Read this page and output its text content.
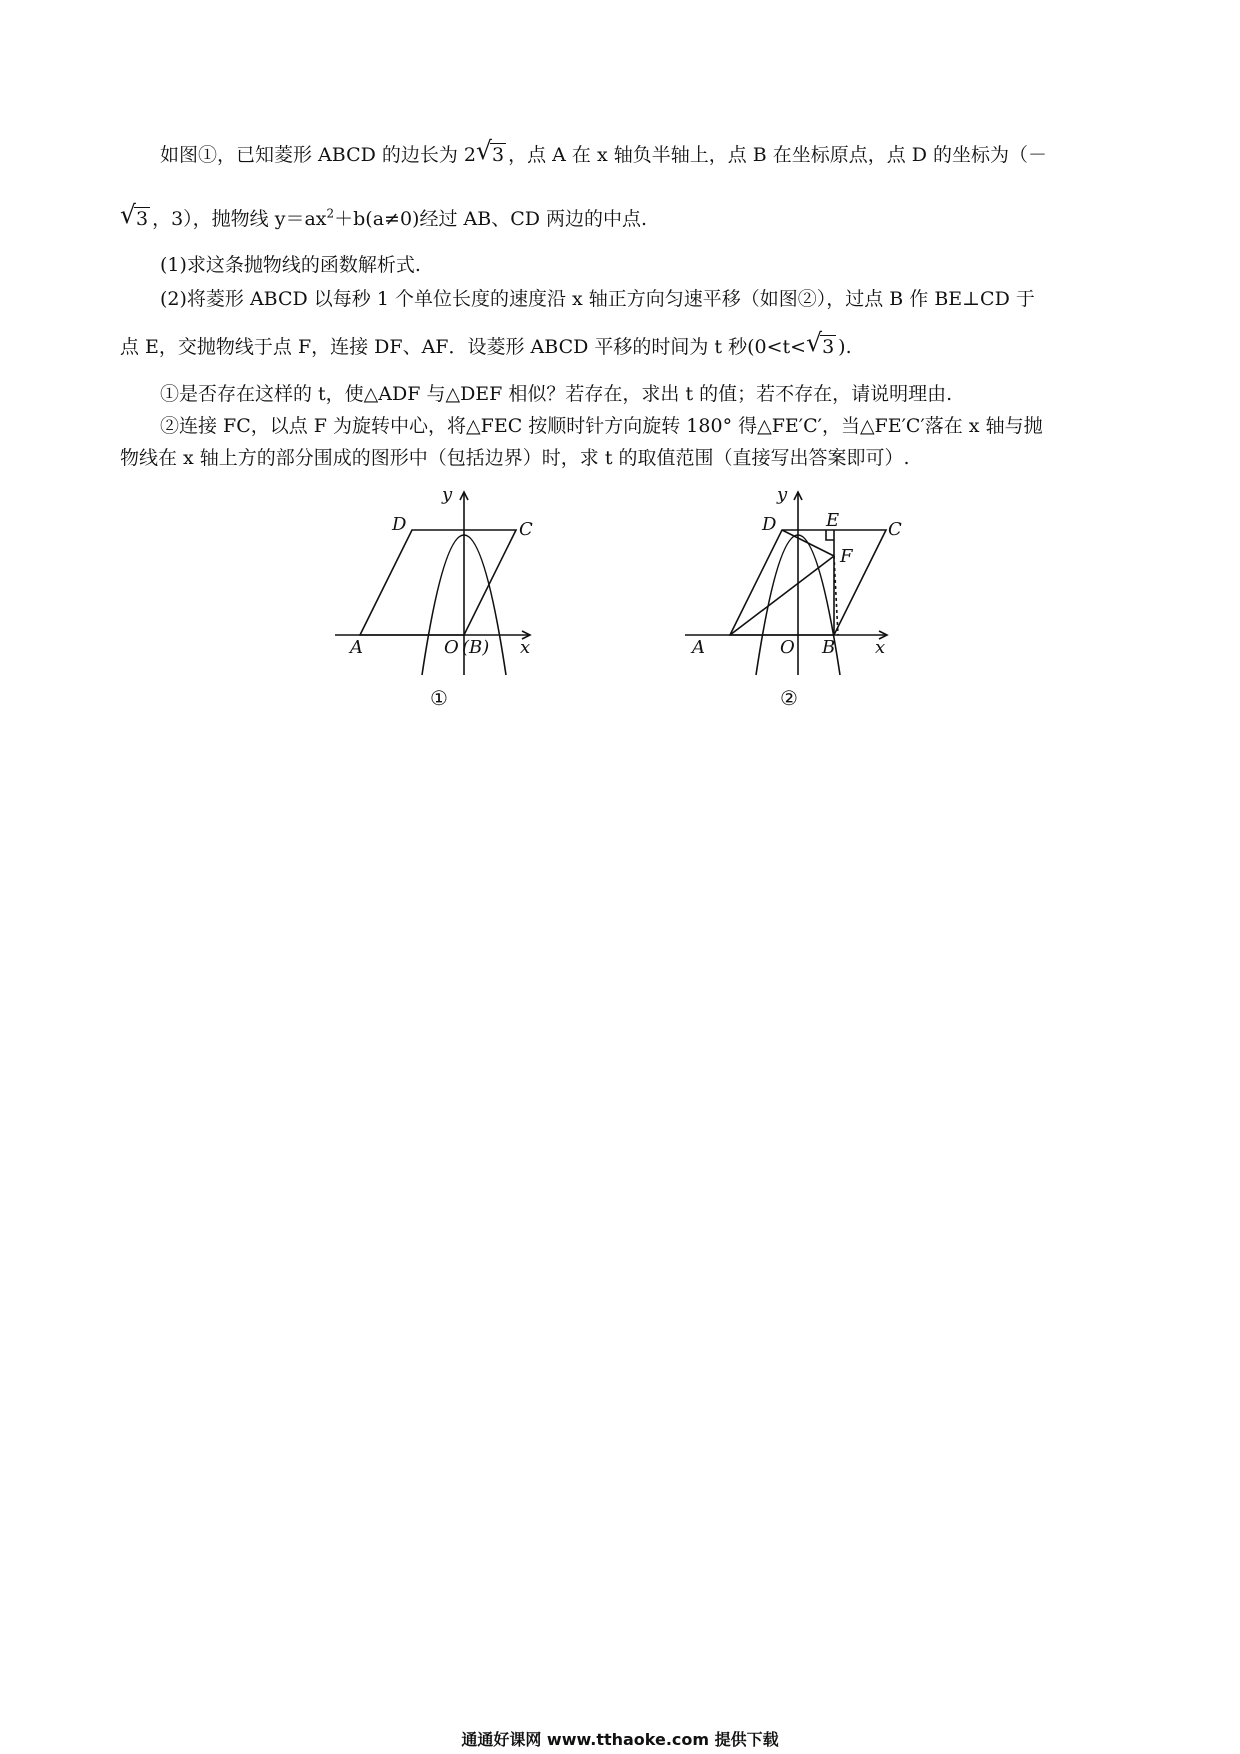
如图①，已知菱形 ABCD 的边长为 2 √ 3 ，点 A 在 x 轴负半轴上，点 B 在坐标原点，点 D 的坐标为（－
√ 3 ，3），抛物线 $y=ax^2+b(a\ne 0)$经过 AB、CD 两边的中点.
(1)求这条抛物线的函数解析式.
(2)将菱形 ABCD 以每秒 1 个单位长度的速度沿 x 轴正方向匀速平移（如图②），过点 B 作 BE⊥CD 于
点 E，交抛物线于点 F，连接 DF、AF．设菱形 ABCD 平移的时间为 t 秒(0<t< √ 3 ).
①是否存在这样的 t，使△ADF 与△DEF 相似？若存在，求出 t 的值；若不存在，请说明理由.
②连接 FC，以点 F 为旋转中心，将△FEC 按顺时针方向旋转 180° 得△FE′C′，当△FE′C′落在 x 轴与抛
物线在 x 轴上方的部分围成的图形中（包括边界）时，求 t 的取值范围（直接写出答案即可）.
y
D	C
A	O (B) x
①
y
D	E	C
F
A	O B x
②
通通好课网 www.tthaoke.com 提供下载
